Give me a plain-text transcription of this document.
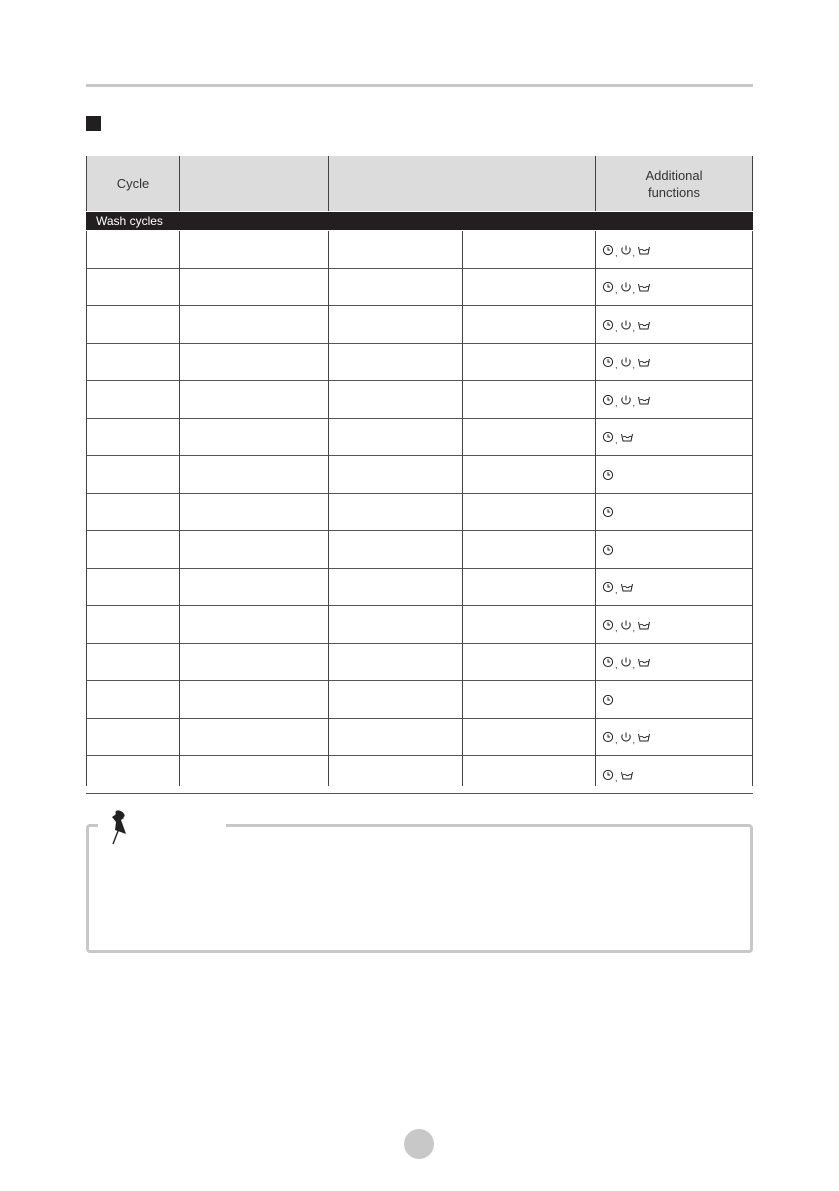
Cycle
Additional functions
Wash cycles
, ,
, ,
, ,
, ,
, ,
,
,
, ,
, ,
, ,
,
